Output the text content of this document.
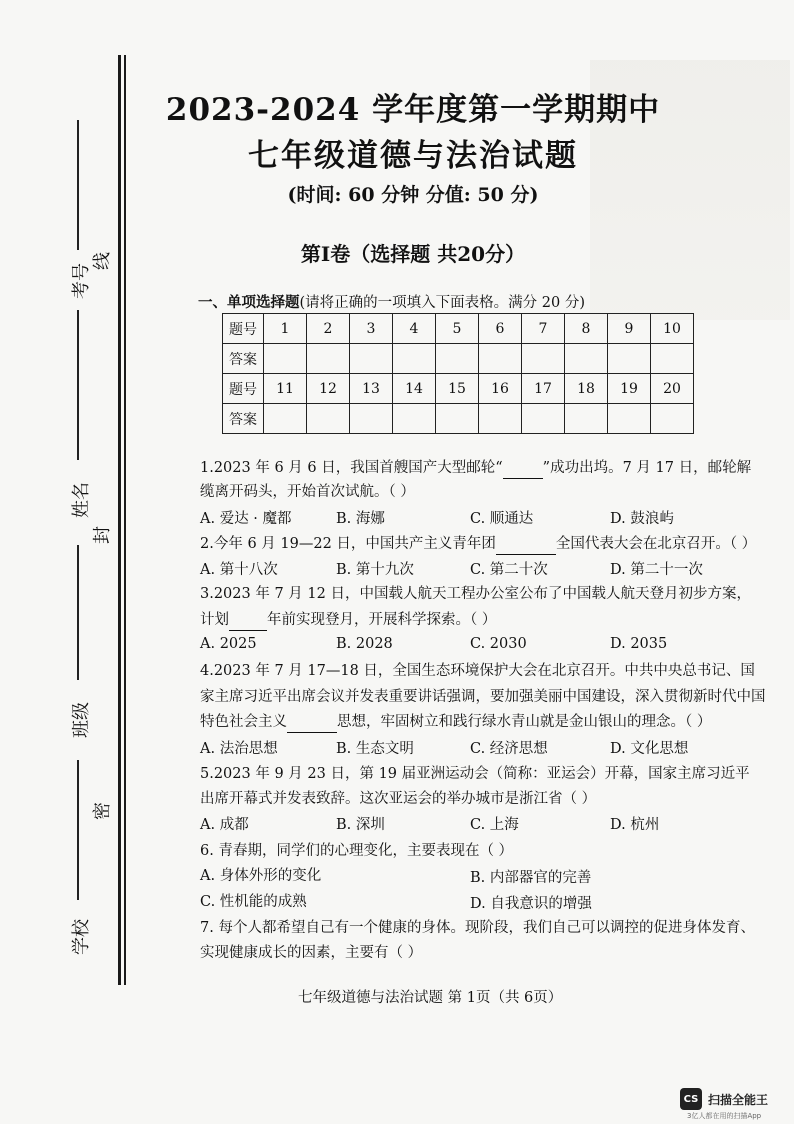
考号
线
姓名
封
班级
密
学校
2023-2024 学年度第一学期期中
七年级道德与法治试题
(时间: 60 分钟 分值: 50 分)
第Ⅰ卷（选择题 共20分）
一、单项选择题(请将正确的一项填入下面表格。满分 20 分)
题号	1	2	3	4	5	6	7	8	9	10
答案										
题号	11	12	13	14	15	16	17	18	19	20
答案										
1.2023 年 6 月 6 日，我国首艘国产大型邮轮“	”成功出坞。7 月 17 日，邮轮解
缆离开码头，开始首次试航。（ ）
A. 爱达 · 魔都	B. 海娜	C. 顺通达	D. 鼓浪屿
2.今年 6 月 19—22 日，中国共产主义青年团	全国代表大会在北京召开。（ ）
A. 第十八次	B. 第十九次	C. 第二十次	D. 第二十一次
3.2023 年 7 月 12 日，中国载人航天工程办公室公布了中国载人航天登月初步方案，
计划	年前实现登月，开展科学探索。（ ）
A. 2025	B. 2028	C. 2030	D. 2035
4.2023 年 7 月 17—18 日，全国生态环境保护大会在北京召开。中共中央总书记、国
家主席习近平出席会议并发表重要讲话强调，要加强美丽中国建设，深入贯彻新时代中国
特色社会主义	思想，牢固树立和践行绿水青山就是金山银山的理念。（ ）
A. 法治思想	B. 生态文明	C. 经济思想	D. 文化思想
5.2023 年 9 月 23 日，第 19 届亚洲运动会（简称：亚运会）开幕，国家主席习近平
出席开幕式并发表致辞。这次亚运会的举办城市是浙江省（ ）
A. 成都	B. 深圳	C. 上海	D. 杭州
6. 青春期，同学们的心理变化，主要表现在（ ）
A. 身体外形的变化	B. 内部器官的完善
C. 性机能的成熟	D. 自我意识的增强
7. 每个人都希望自己有一个健康的身体。现阶段，我们自己可以调控的促进身体发育、
实现健康成长的因素，主要有（ ）
七年级道德与法治试题 第 1页（共 6页）
CS 扫描全能王
3亿人都在用的扫描App
